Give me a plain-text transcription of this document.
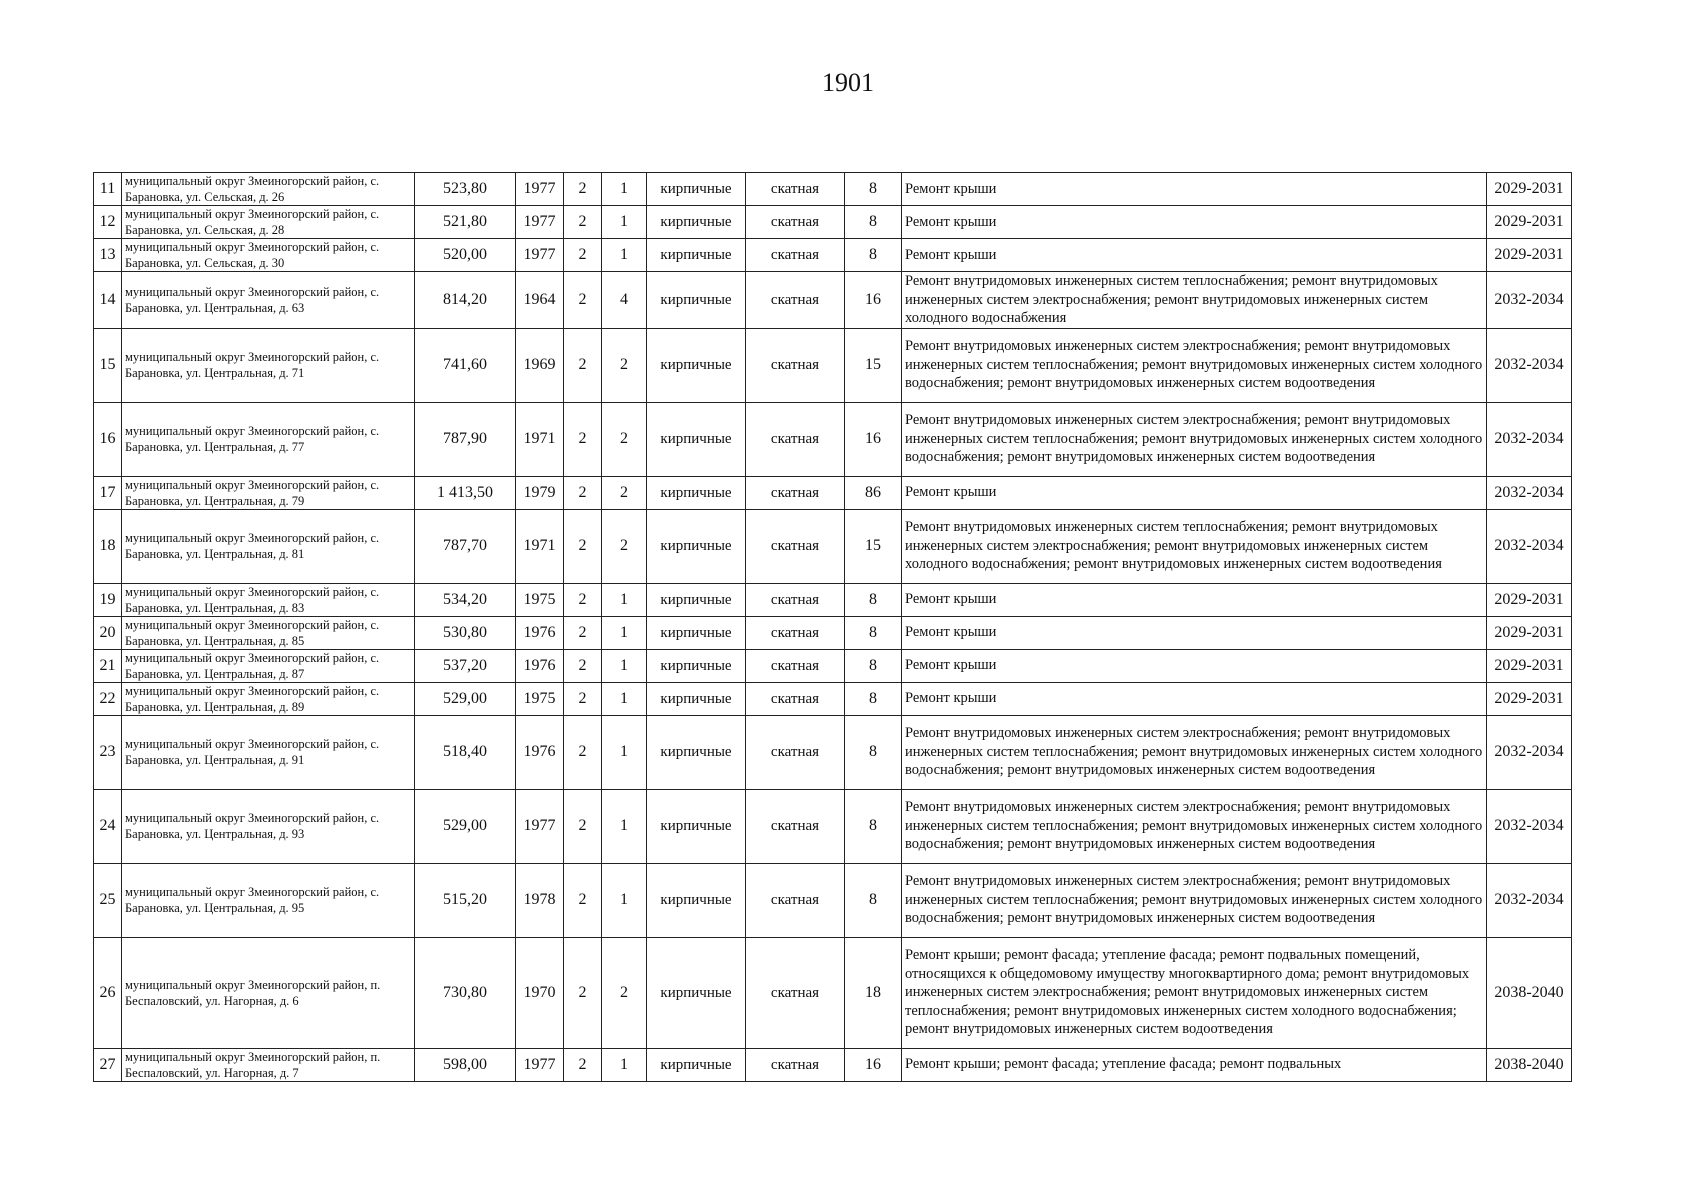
1901
11	муниципальный округ Змеиногорский район, с. Барановка, ул. Сельская, д. 26	523,80	1977	2	1	кирпичные	скатная	8	Ремонт крыши	2029-2031
12	муниципальный округ Змеиногорский район, с. Барановка, ул. Сельская, д. 28	521,80	1977	2	1	кирпичные	скатная	8	Ремонт крыши	2029-2031
13	муниципальный округ Змеиногорский район, с. Барановка, ул. Сельская, д. 30	520,00	1977	2	1	кирпичные	скатная	8	Ремонт крыши	2029-2031
14	муниципальный округ Змеиногорский район, с. Барановка, ул. Центральная, д. 63	814,20	1964	2	4	кирпичные	скатная	16	Ремонт внутридомовых инженерных систем теплоснабжения; ремонт внутридомовых инженерных систем электроснабжения; ремонт внутридомовых инженерных систем холодного водоснабжения	2032-2034
15	муниципальный округ Змеиногорский район, с. Барановка, ул. Центральная, д. 71	741,60	1969	2	2	кирпичные	скатная	15	Ремонт внутридомовых инженерных систем электроснабжения; ремонт внутридомовых инженерных систем теплоснабжения; ремонт внутридомовых инженерных систем холодного водоснабжения; ремонт внутридомовых инженерных систем водоотведения	2032-2034
16	муниципальный округ Змеиногорский район, с. Барановка, ул. Центральная, д. 77	787,90	1971	2	2	кирпичные	скатная	16	Ремонт внутридомовых инженерных систем электроснабжения; ремонт внутридомовых инженерных систем теплоснабжения; ремонт внутридомовых инженерных систем холодного водоснабжения; ремонт внутридомовых инженерных систем водоотведения	2032-2034
17	муниципальный округ Змеиногорский район, с. Барановка, ул. Центральная, д. 79	1 413,50	1979	2	2	кирпичные	скатная	86	Ремонт крыши	2032-2034
18	муниципальный округ Змеиногорский район, с. Барановка, ул. Центральная, д. 81	787,70	1971	2	2	кирпичные	скатная	15	Ремонт внутридомовых инженерных систем теплоснабжения; ремонт внутридомовых инженерных систем электроснабжения; ремонт внутридомовых инженерных систем холодного водоснабжения; ремонт внутридомовых инженерных систем водоотведения	2032-2034
19	муниципальный округ Змеиногорский район, с. Барановка, ул. Центральная, д. 83	534,20	1975	2	1	кирпичные	скатная	8	Ремонт крыши	2029-2031
20	муниципальный округ Змеиногорский район, с. Барановка, ул. Центральная, д. 85	530,80	1976	2	1	кирпичные	скатная	8	Ремонт крыши	2029-2031
21	муниципальный округ Змеиногорский район, с. Барановка, ул. Центральная, д. 87	537,20	1976	2	1	кирпичные	скатная	8	Ремонт крыши	2029-2031
22	муниципальный округ Змеиногорский район, с. Барановка, ул. Центральная, д. 89	529,00	1975	2	1	кирпичные	скатная	8	Ремонт крыши	2029-2031
23	муниципальный округ Змеиногорский район, с. Барановка, ул. Центральная, д. 91	518,40	1976	2	1	кирпичные	скатная	8	Ремонт внутридомовых инженерных систем электроснабжения; ремонт внутридомовых инженерных систем теплоснабжения; ремонт внутридомовых инженерных систем холодного водоснабжения; ремонт внутридомовых инженерных систем водоотведения	2032-2034
24	муниципальный округ Змеиногорский район, с. Барановка, ул. Центральная, д. 93	529,00	1977	2	1	кирпичные	скатная	8	Ремонт внутридомовых инженерных систем электроснабжения; ремонт внутридомовых инженерных систем теплоснабжения; ремонт внутридомовых инженерных систем холодного водоснабжения; ремонт внутридомовых инженерных систем водоотведения	2032-2034
25	муниципальный округ Змеиногорский район, с. Барановка, ул. Центральная, д. 95	515,20	1978	2	1	кирпичные	скатная	8	Ремонт внутридомовых инженерных систем электроснабжения; ремонт внутридомовых инженерных систем теплоснабжения; ремонт внутридомовых инженерных систем холодного водоснабжения; ремонт внутридомовых инженерных систем водоотведения	2032-2034
26	муниципальный округ Змеиногорский район, п. Беспаловский, ул. Нагорная, д. 6	730,80	1970	2	2	кирпичные	скатная	18	Ремонт крыши; ремонт фасада; утепление фасада; ремонт подвальных помещений, относящихся к общедомовому имуществу многоквартирного дома; ремонт внутридомовых инженерных систем электроснабжения; ремонт внутридомовых инженерных систем теплоснабжения; ремонт внутридомовых инженерных систем холодного водоснабжения; ремонт внутридомовых инженерных систем водоотведения	2038-2040
27	муниципальный округ Змеиногорский район, п. Беспаловский, ул. Нагорная, д. 7	598,00	1977	2	1	кирпичные	скатная	16	Ремонт крыши; ремонт фасада; утепление фасада; ремонт подвальных	2038-2040
